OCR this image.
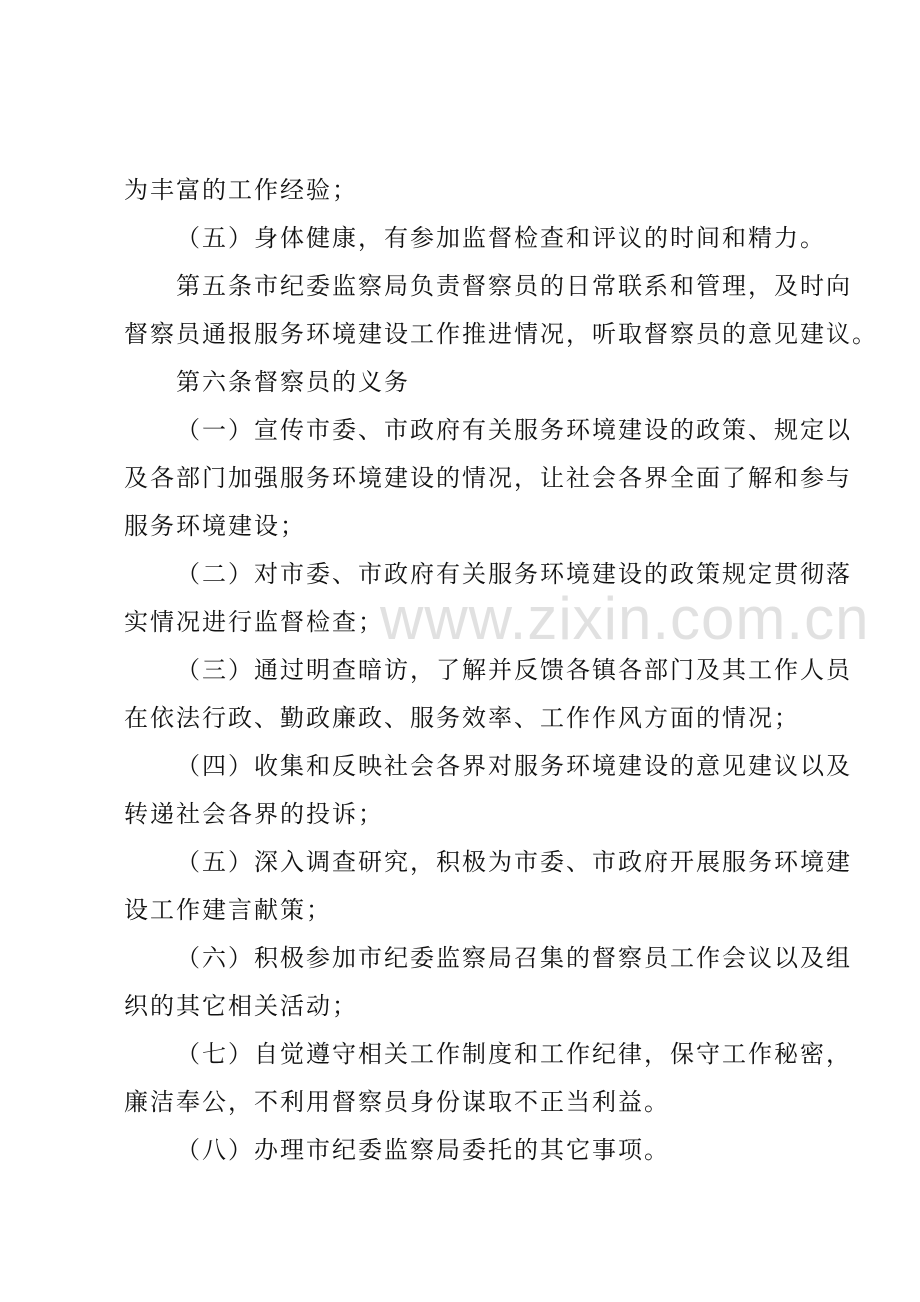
为丰富的工作经验；
（五）身体健康，有参加监督检查和评议的时间和精力。
第五条市纪委监察局负责督察员的日常联系和管理，及时向
督察员通报服务环境建设工作推进情况，听取督察员的意见建议。
第六条督察员的义务
（一）宣传市委、市政府有关服务环境建设的政策、规定以
及各部门加强服务环境建设的情况，让社会各界全面了解和参与
服务环境建设；
（二）对市委、市政府有关服务环境建设的政策规定贯彻落
实情况进行监督检查；
（三）通过明查暗访，了解并反馈各镇各部门及其工作人员
在依法行政、勤政廉政、服务效率、工作作风方面的情况；
（四）收集和反映社会各界对服务环境建设的意见建议以及
转递社会各界的投诉；
（五）深入调查研究，积极为市委、市政府开展服务环境建
设工作建言献策；
（六）积极参加市纪委监察局召集的督察员工作会议以及组
织的其它相关活动；
（七）自觉遵守相关工作制度和工作纪律，保守工作秘密，
廉洁奉公，不利用督察员身份谋取不正当利益。
（八）办理市纪委监察局委托的其它事项。
www.zixin.com.cn
